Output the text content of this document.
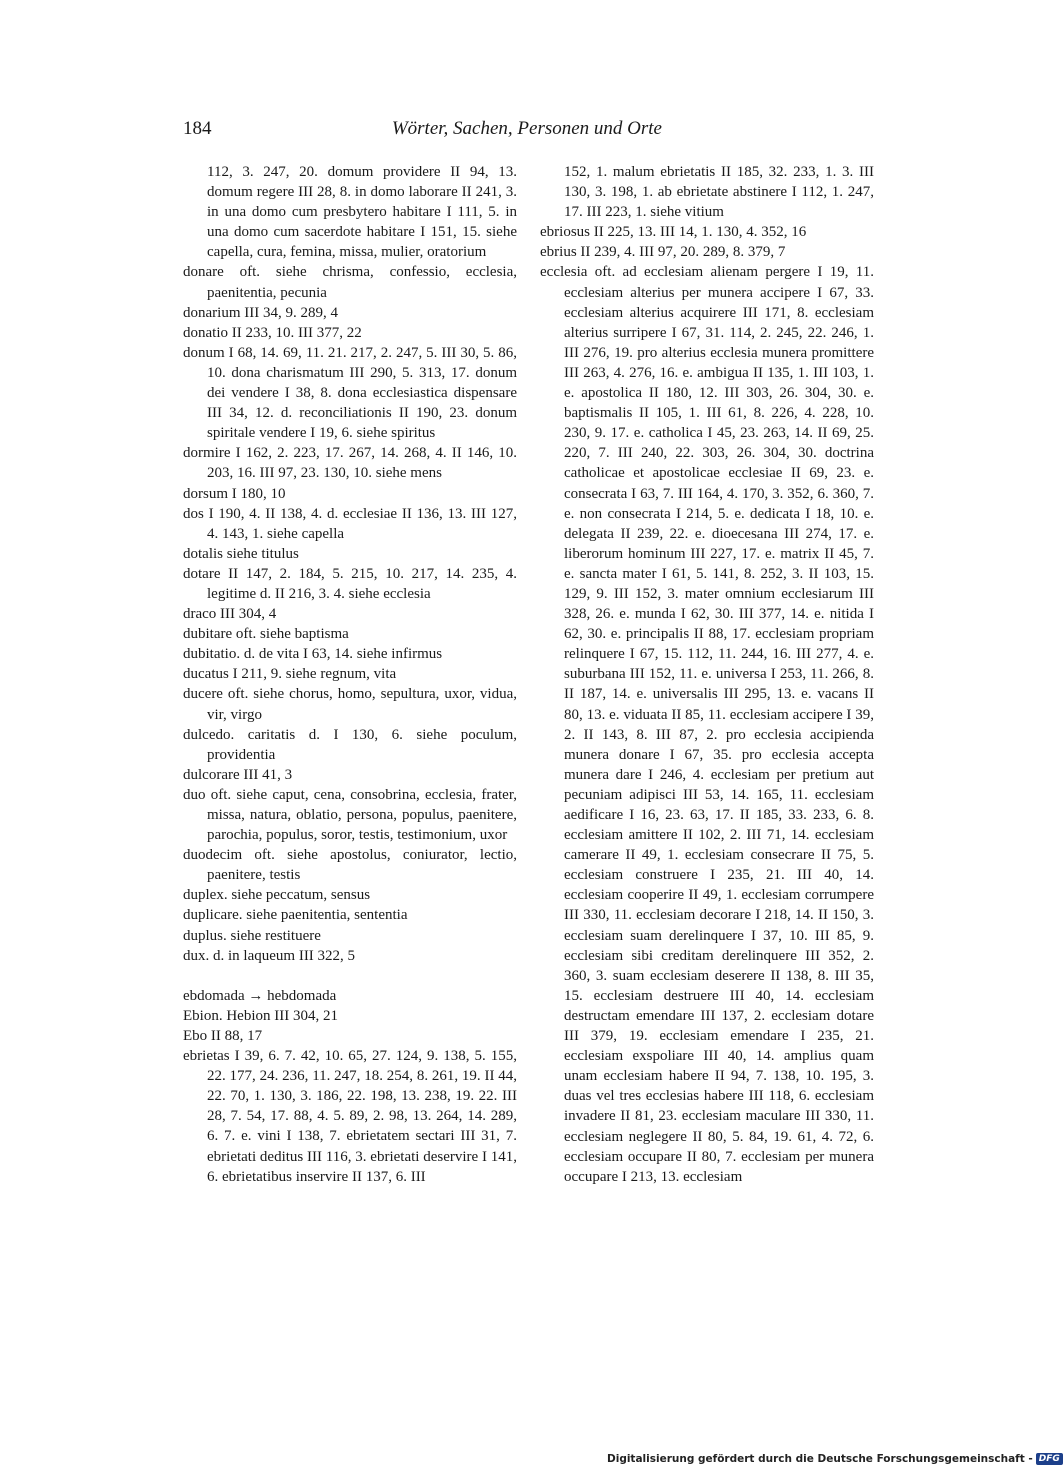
184	Wörter, Sachen, Personen und Orte

112, 3. 247, 20. domum providere II 94, 13. domum regere III 28, 8. in domo laborare II 241, 3. in una domo cum presbytero habitare I 111, 5. in una domo cum sacerdote habitare I 151, 15. siehe capella, cura, femina, missa, mulier, oratorium

donare oft. siehe chrisma, confessio, ecclesia, paenitentia, pecunia

donarium III 34, 9. 289, 4

donatio II 233, 10. III 377, 22

donum I 68, 14. 69, 11. 21. 217, 2. 247, 5. III 30, 5. 86, 10. dona charismatum III 290, 5. 313, 17. donum dei vendere I 38, 8. dona ecclesiastica dispensare III 34, 12. d. reconciliationis II 190, 23. donum spiritale vendere I 19, 6. siehe spiritus

dormire I 162, 2. 223, 17. 267, 14. 268, 4. II 146, 10. 203, 16. III 97, 23. 130, 10. siehe mens

dorsum I 180, 10

dos I 190, 4. II 138, 4. d. ecclesiae II 136, 13. III 127, 4. 143, 1. siehe capella

dotalis siehe titulus

dotare II 147, 2. 184, 5. 215, 10. 217, 14. 235, 4. legitime d. II 216, 3. 4. siehe ecclesia

draco III 304, 4

dubitare oft. siehe baptisma

dubitatio. d. de vita I 63, 14. siehe infirmus

ducatus I 211, 9. siehe regnum, vita

ducere oft. siehe chorus, homo, sepultura, uxor, vidua, vir, virgo

dulcedo. caritatis d. I 130, 6. siehe poculum, providentia

dulcorare III 41, 3

duo oft. siehe caput, cena, consobrina, ecclesia, frater, missa, natura, oblatio, persona, populus, paenitere, parochia, populus, soror, testis, testimonium, uxor

duodecim oft. siehe apostolus, coniurator, lectio, paenitere, testis

duplex. siehe peccatum, sensus

duplicare. siehe paenitentia, sententia

duplus. siehe restituere

dux. d. in laqueum III 322, 5

ebdomada → hebdomada

Ebion. Hebion III 304, 21

Ebo II 88, 17

ebrietas I 39, 6. 7. 42, 10. 65, 27. 124, 9. 138, 5. 155, 22. 177, 24. 236, 11. 247, 18. 254, 8. 261, 19. II 44, 22. 70, 1. 130, 3. 186, 22. 198, 13. 238, 19. 22. III 28, 7. 54, 17. 88, 4. 5. 89, 2. 98, 13. 264, 14. 289, 6. 7. e. vini I 138, 7. ebrietatem sectari III 31, 7. ebrietati deditus III 116, 3. ebrietati deservire I 141, 6. ebrietatibus inservire II 137, 6. III

152, 1. malum ebrietatis II 185, 32. 233, 1. 3. III 130, 3. 198, 1. ab ebrietate abstinere I 112, 1. 247, 17. III 223, 1. siehe vitium

ebriosus II 225, 13. III 14, 1. 130, 4. 352, 16

ebrius II 239, 4. III 97, 20. 289, 8. 379, 7

ecclesia oft. ad ecclesiam alienam pergere I 19, 11. ecclesiam alterius per munera accipere I 67, 33. ecclesiam alterius acquirere III 171, 8. ecclesiam alterius surripere I 67, 31. 114, 2. 245, 22. 246, 1. III 276, 19. pro alterius ecclesia munera promittere III 263, 4. 276, 16. e. ambigua II 135, 1. III 103, 1. e. apostolica II 180, 12. III 303, 26. 304, 30. e. baptismalis II 105, 1. III 61, 8. 226, 4. 228, 10. 230, 9. 17. e. catholica I 45, 23. 263, 14. II 69, 25. 220, 7. III 240, 22. 303, 26. 304, 30. doctrina catholicae et apostolicae ecclesiae II 69, 23. e. consecrata I 63, 7. III 164, 4. 170, 3. 352, 6. 360, 7. e. non consecrata I 214, 5. e. dedicata I 18, 10. e. delegata II 239, 22. e. dioecesana III 274, 17. e. liberorum hominum III 227, 17. e. matrix II 45, 7. e. sancta mater I 61, 5. 141, 8. 252, 3. II 103, 15. 129, 9. III 152, 3. mater omnium ecclesiarum III 328, 26. e. munda I 62, 30. III 377, 14. e. nitida I 62, 30. e. principalis II 88, 17. ecclesiam propriam relinquere I 67, 15. 112, 11. 244, 16. III 277, 4. e. suburbana III 152, 11. e. universa I 253, 11. 266, 8. II 187, 14. e. universalis III 295, 13. e. vacans II 80, 13. e. viduata II 85, 11. ecclesiam accipere I 39, 2. II 143, 8. III 87, 2. pro ecclesia accipienda munera donare I 67, 35. pro ecclesia accepta munera dare I 246, 4. ecclesiam per pretium aut pecuniam adipisci III 53, 14. 165, 11. ecclesiam aedificare I 16, 23. 63, 17. II 185, 33. 233, 6. 8. ecclesiam amittere II 102, 2. III 71, 14. ecclesiam camerare II 49, 1. ecclesiam consecrare II 75, 5. ecclesiam construere I 235, 21. III 40, 14. ecclesiam cooperire II 49, 1. ecclesiam corrumpere III 330, 11. ecclesiam decorare I 218, 14. II 150, 3. ecclesiam suam derelinquere I 37, 10. III 85, 9. ecclesiam sibi creditam derelinquere III 352, 2. 360, 3. suam ecclesiam deserere II 138, 8. III 35, 15. ecclesiam destruere III 40, 14. ecclesiam destructam emendare III 137, 2. ecclesiam dotare III 379, 19. ecclesiam emendare I 235, 21. ecclesiam exspoliare III 40, 14. amplius quam unam ecclesiam habere II 94, 7. 138, 10. 195, 3. duas vel tres ecclesias habere III 118, 6. ecclesiam invadere II 81, 23. ecclesiam maculare III 330, 11. ecclesiam neglegere II 80, 5. 84, 19. 61, 4. 72, 6. ecclesiam occupare II 80, 7. ecclesiam per munera occupare I 213, 13. ecclesiam

Digitalisierung gefördert durch die Deutsche Forschungsgemeinschaft - DFG
